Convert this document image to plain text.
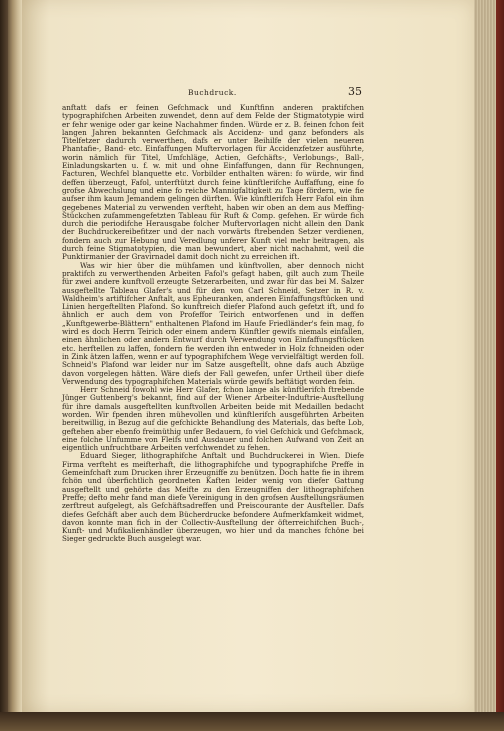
Buchdruck.	35

anftatt dafs er feinen Gefchmack und Kunftfinn anderen praktifchen typographifchen Arbeiten zuwendet, denn auf dem Felde der Stigmatotypie wird er fehr wenige oder gar keine Nachahmer finden. Würde er z. B. feinen fchon feit langen Jahren bekannten Gefchmack als Accidenz- und ganz befonders als Titelfetzer dadurch verwerthen, dafs er unter Beihilfe der vielen neueren Phantafie-, Band- etc. Einfaffungen Muftervorlagen für Accidenzfetzer ausführte, worin nämlich für Titel, Umfchläge, Actien, Gefchäfts-, Verlobungs-, Ball-, Einladungskarten u. f. w. mit und ohne Einfaffungen, dann für Rechnungen, Facturen, Wechfel blanquette etc. Vorbilder enthalten wären: fo würde, wir find deffen überzeugt, Fafol, unterftützt durch feine künftlerifche Auffaffung, eine fo grofse Abwechslung und eine fo reiche Mannigfaltigkeit zu Tage fördern, wie fie aufser ihm kaum Jemandem gelingen dürften. Wie künftlerifch Herr Fafol ein ihm gegebenes Material zu verwenden verfteht, haben wir oben an dem aus Meffing-Stückchen zufammengefetzten Tableau für Ruft & Comp. gefehen. Er würde fich durch die periodifche Herausgabe folcher Muftervorlagen nicht allein den Dank der Buchdruckereibefitzer und der nach vorwärts ftrebenden Setzer verdienen, fondern auch zur Hebung und Veredlung unferer Kunft viel mehr beitragen, als durch feine Stigmatotypien, die man bewundert, aber nicht nachahmt, weil die Punktirmanier der Gravirnadel damit doch nicht zu erreichen ift.

Was wir hier über die mühfamen und künftvollen, aber dennoch nicht praktifch zu verwerthenden Arbeiten Fafol's gefagt haben, gilt auch zum Theile für zwei andere kunftvoll erzeugte Setzerarbeiten, und zwar für das bei M. Salzer ausgeftellte Tableau Glafer's und für den von Carl Schneid, Setzer in R. v. Waldheim's artiftifcher Anftalt, aus Epheuranken, anderen Einfaffungsftücken und Linien hergeftellten Plafond. So kunftreich diefer Plafond auch gefetzt ift, und fo ähnlich er auch dem von Profeffor Teirich entworfenen und in deffen „Kunftgewerbe-Blättern" enthaltenen Plafond im Haufe Friedländer's fein mag, fo wird es doch Herrn Teirich oder einem andern Künftler gewifs niemals einfallen, einen ähnlichen oder andern Entwurf durch Verwendung von Einfaffungsftücken etc. herftellen zu laffen, fondern fie werden ihn entweder in Holz fchneiden oder in Zink ätzen laffen, wenn er auf typographifchem Wege vervielfältigt werden foll. Schneid's Plafond war leider nur im Satze ausgeftellt, ohne dafs auch Abzüge davon vorgelegen hätten. Wäre diefs der Fall gewefen, unfer Urtheil über diefe Verwendung des typographifchen Materials würde gewifs beftätigt worden fein.

Herr Schneid fowohl wie Herr Glafer, fchon lange als künftlerifch ftrebende Jünger Guttenberg's bekannt, find auf der Wiener Arbeiter-Induftrie-Ausftellung für ihre damals ausgeftellten kunftvollen Arbeiten beide mit Medaillen bedacht worden. Wir fpenden ihren mühevollen und künftlerifch ausgeführten Arbeiten bereitwillig, in Bezug auf die gefchickte Behandlung des Materials, das befte Lob, geftehen aber ebenfo freimüthig unfer Bedauern, fo viel Gefchick und Gefchmack, eine folche Unfumme von Fleifs und Ausdauer und folchen Aufwand von Zeit an eigentlich unfruchtbare Arbeiten verfchwendet zu fehen.

Eduard Sieger, lithographifche Anftalt und Buchdruckerei in Wien. Diefe Firma verfteht es meifterhaft, die lithographifche und typographifche Preffe in Gemeinfchaft zum Drucken ihrer Erzeugniffe zu benützen. Doch hatte fie in ihrem fchön und überfichtlich geordneten Kaften leider wenig von diefer Gattung ausgeftellt und gehörte das Meifte zu den Erzeugniffen der lithographifchen Preffe; defto mehr fand man diefe Vereinigung in den grofsen Ausftellungsräumen zerftreut aufgelegt, als Gefchäftsadreffen und Preiscourante der Ausfteller. Dafs diefes Gefchäft aber auch dem Bücherdrucke befondere Aufmerkfamkeit widmet, davon konnte man fich in der Collectiv-Ausftellung der öfterreichifchen Buch-, Kunft- und Mufikalienhändler überzeugen, wo hier und da manches fchöne bei Sieger gedruckte Buch ausgelegt war.
